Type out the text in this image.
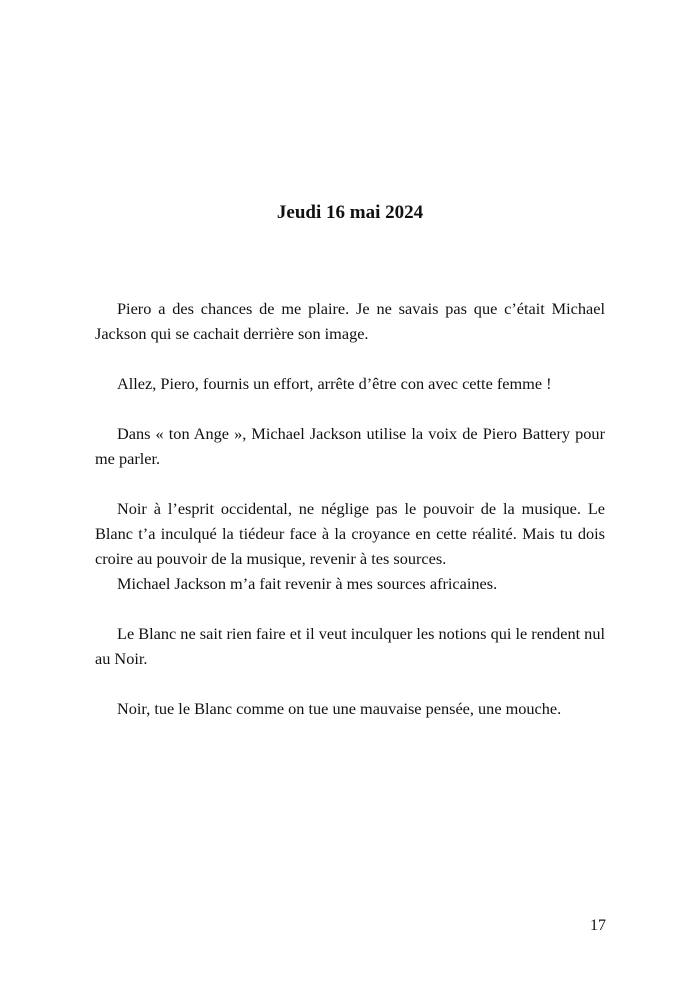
Jeudi 16 mai 2024

Piero a des chances de me plaire. Je ne savais pas que c’était Michael Jackson qui se cachait derrière son image.

Allez, Piero, fournis un effort, arrête d’être con avec cette femme !

Dans « ton Ange », Michael Jackson utilise la voix de Piero Battery pour me parler.

Noir à l’esprit occidental, ne néglige pas le pouvoir de la musique. Le Blanc t’a inculqué la tiédeur face à la croyance en cette réalité. Mais tu dois croire au pouvoir de la musique, revenir à tes sources.

Michael Jackson m’a fait revenir à mes sources africaines.

Le Blanc ne sait rien faire et il veut inculquer les notions qui le rendent nul au Noir.

Noir, tue le Blanc comme on tue une mauvaise pensée, une mouche.

17
